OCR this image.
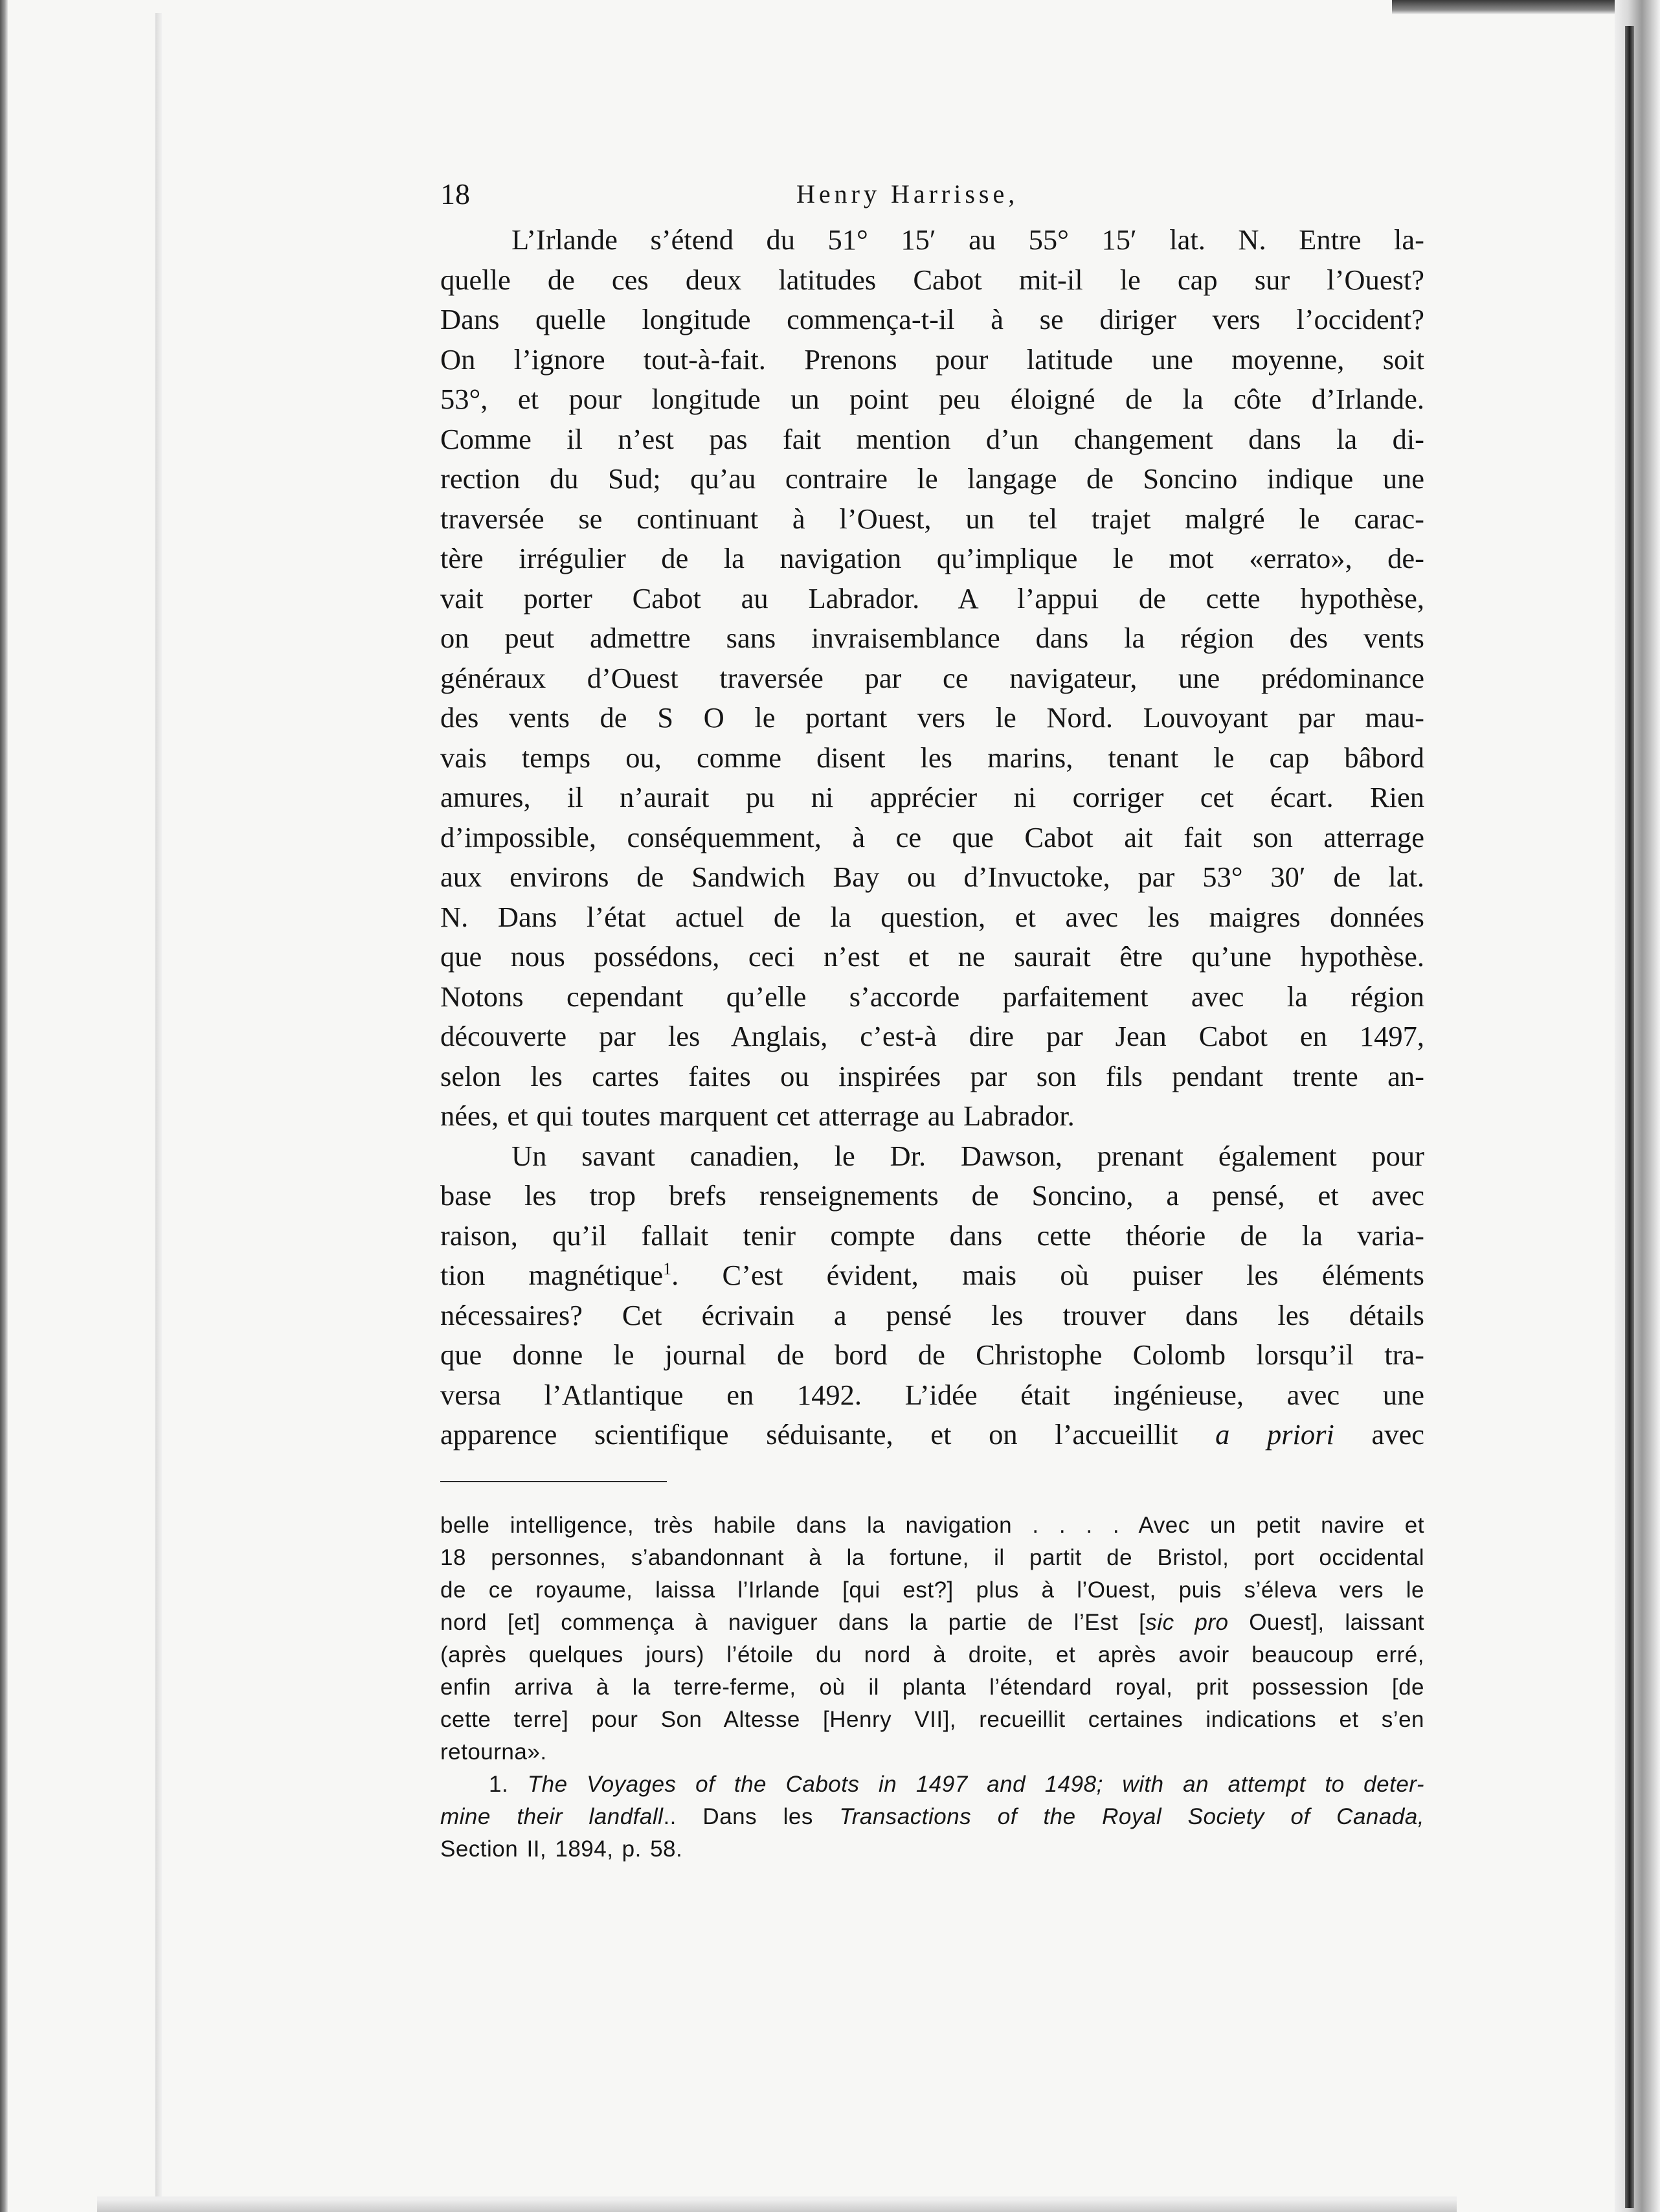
18	Henry Harrisse,
L’Irlande s’étend du 51° 15′ au 55° 15′ lat. N. Entre la-
quelle de ces deux latitudes Cabot mit-il le cap sur l’Ouest?
Dans quelle longitude commença-t-il à se diriger vers l’occident?
On l’ignore tout-à-fait. Prenons pour latitude une moyenne, soit
53°, et pour longitude un point peu éloigné de la côte d’Irlande.
Comme il n’est pas fait mention d’un changement dans la di-
rection du Sud; qu’au contraire le langage de Soncino indique une
traversée se continuant à l’Ouest, un tel trajet malgré le carac-
tère irrégulier de la navigation qu’implique le mot «errato», de-
vait porter Cabot au Labrador. A l’appui de cette hypothèse,
on peut admettre sans invraisemblance dans la région des vents
généraux d’Ouest traversée par ce navigateur, une prédominance
des vents de S O le portant vers le Nord. Louvoyant par mau-
vais temps ou, comme disent les marins, tenant le cap bâbord
amures, il n’aurait pu ni apprécier ni corriger cet écart. Rien
d’impossible, conséquemment, à ce que Cabot ait fait son atterrage
aux environs de Sandwich Bay ou d’Invuctoke, par 53° 30′ de lat.
N. Dans l’état actuel de la question, et avec les maigres données
que nous possédons, ceci n’est et ne saurait être qu’une hypothèse.
Notons cependant qu’elle s’accorde parfaitement avec la région
découverte par les Anglais, c’est-à dire par Jean Cabot en 1497,
selon les cartes faites ou inspirées par son fils pendant trente an-
nées, et qui toutes marquent cet atterrage au Labrador.
Un savant canadien, le Dr. Dawson, prenant également pour
base les trop brefs renseignements de Soncino, a pensé, et avec
raison, qu’il fallait tenir compte dans cette théorie de la varia-
tion magnétique$^1$. C’est évident, mais où puiser les éléments
nécessaires? Cet écrivain a pensé les trouver dans les détails
que donne le journal de bord de Christophe Colomb lorsqu’il tra-
versa l’Atlantique en 1492. L’idée était ingénieuse, avec une
apparence scientifique séduisante, et on l’accueillit a priori avec
belle intelligence, très habile dans la navigation . . . . Avec un petit navire et
18 personnes, s’abandonnant à la fortune, il partit de Bristol, port occidental
de ce royaume, laissa l’Irlande [qui est?] plus à l’Ouest, puis s’éleva vers le
nord [et] commença à naviguer dans la partie de l’Est [sic pro Ouest], laissant
(après quelques jours) l’étoile du nord à droite, et après avoir beaucoup erré,
enfin arriva à la terre-ferme, où il planta l’étendard royal, prit possession [de
cette terre] pour Son Altesse [Henry VII], recueillit certaines indications et s’en
retourna».
1. The Voyages of the Cabots in 1497 and 1498; with an attempt to deter-
mine their landfall.. Dans les Transactions of the Royal Society of Canada,
Section II, 1894, p. 58.
